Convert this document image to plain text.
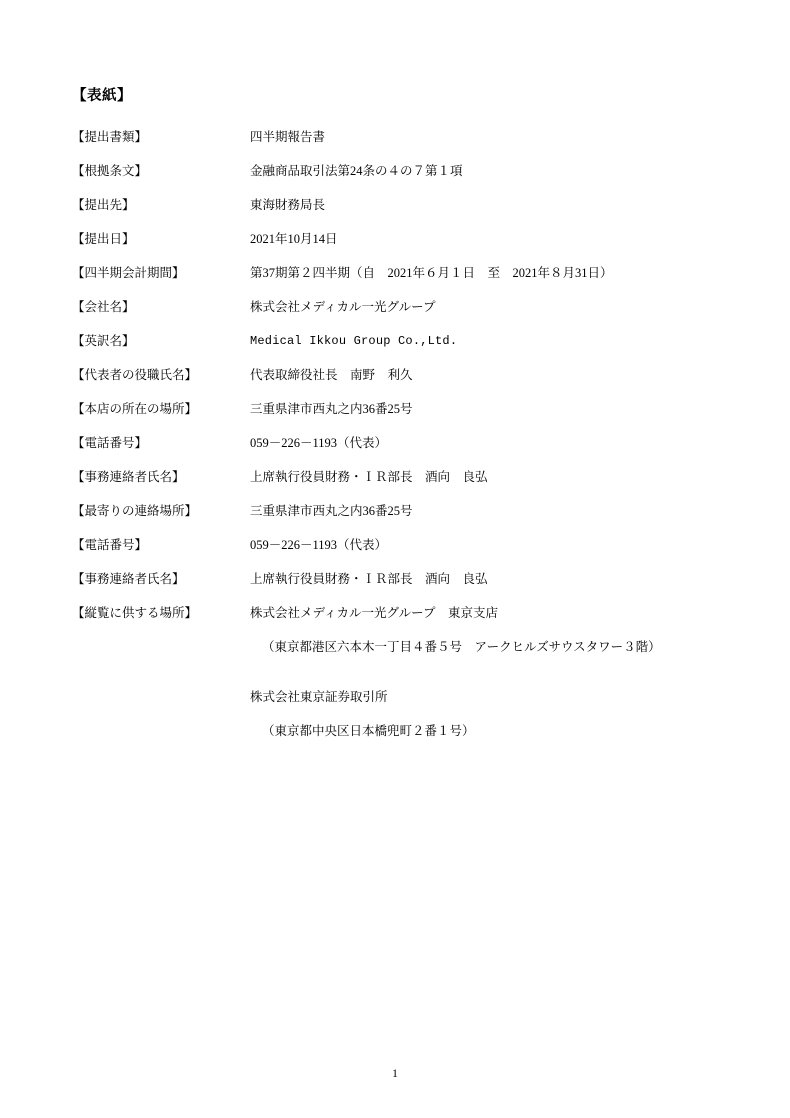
【表紙】
【提出書類】	四半期報告書
【根拠条文】	金融商品取引法第24条の４の７第１項
【提出先】	東海財務局長
【提出日】	2021年10月14日
【四半期会計期間】	第37期第２四半期（自　2021年６月１日　至　2021年８月31日）
【会社名】	株式会社メディカル一光グループ
【英訳名】	Medical Ikkou Group Co.,Ltd.
【代表者の役職氏名】	代表取締役社長　南野　利久
【本店の所在の場所】	三重県津市西丸之内36番25号
【電話番号】	059－226－1193（代表）
【事務連絡者氏名】	上席執行役員財務・ＩＲ部長　酒向　良弘
【最寄りの連絡場所】	三重県津市西丸之内36番25号
【電話番号】	059－226－1193（代表）
【事務連絡者氏名】	上席執行役員財務・ＩＲ部長　酒向　良弘
【縦覧に供する場所】	株式会社メディカル一光グループ　東京支店
（東京都港区六本木一丁目４番５号　アークヒルズサウスタワー３階）
株式会社東京証券取引所
（東京都中央区日本橋兜町２番１号）
1
